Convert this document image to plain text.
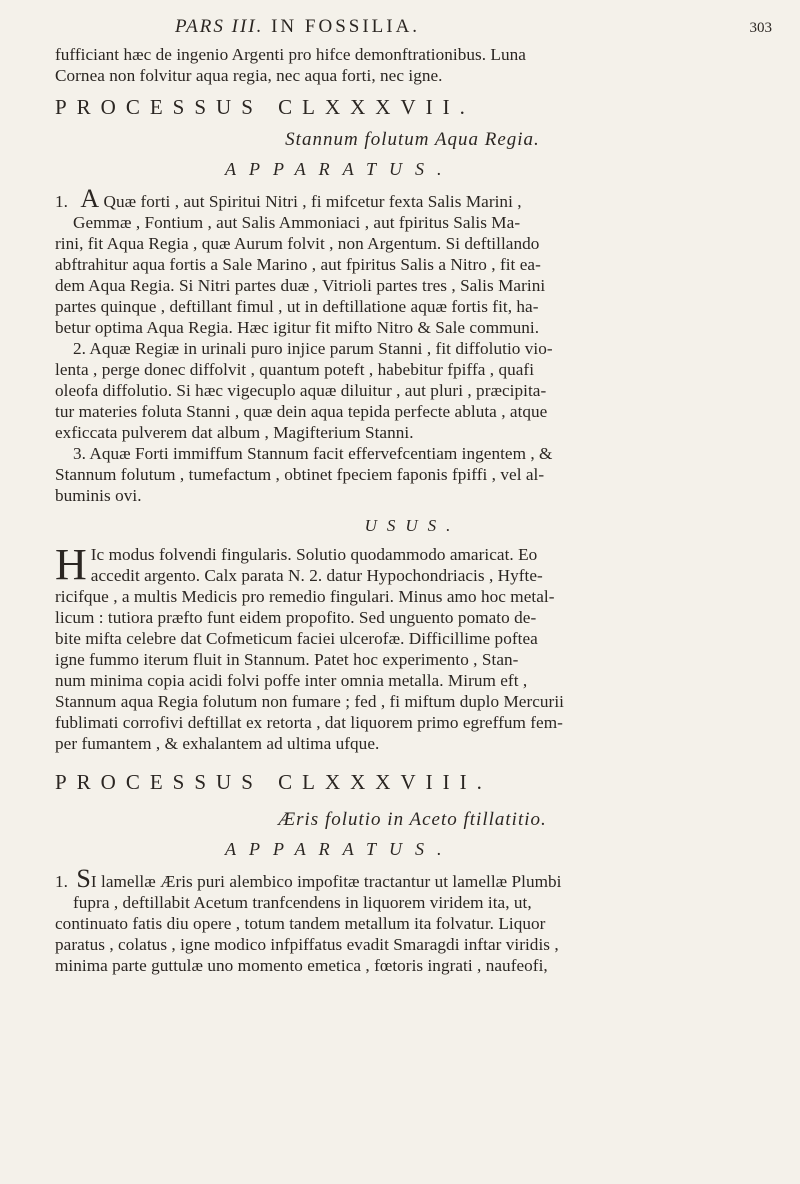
PARS III. IN FOSSILIA.	303

fufficiant hæc de ingenio Argenti pro hifce demonftrationibus. Luna

Cornea non folvitur aqua regia, nec aqua forti, nec igne.

PROCESSUS CLXXXVII.
Stannum folutum Aqua Regia.
APPARATUS.

1. A Quæ forti , aut Spiritui Nitri , fi mifcetur fexta Salis Marini ,

Gemmæ , Fontium , aut Salis Ammoniaci , aut fpiritus Salis Ma-

rini, fit Aqua Regia , quæ Aurum folvit , non Argentum. Si deftillando

abftrahitur aqua fortis a Sale Marino , aut fpiritus Salis a Nitro , fit ea-

dem Aqua Regia. Si Nitri partes duæ , Vitrioli partes tres , Salis Marini

partes quinque , deftillant fimul , ut in deftillatione aquæ fortis fit, ha-

betur optima Aqua Regia. Hæc igitur fit mifto Nitro & Sale communi.

2. Aquæ Regiæ in urinali puro injice parum Stanni , fit diffolutio vio-

lenta , perge donec diffolvit , quantum poteft , habebitur fpiffa , quafi

oleofa diffolutio. Si hæc vigecuplo aquæ diluitur , aut pluri , præcipita-

tur materies foluta Stanni , quæ dein aqua tepida perfecte abluta , atque

exficcata pulverem dat album , Magifterium Stanni.

3. Aquæ Forti immiffum Stannum facit effervefcentiam ingentem , &

Stannum folutum , tumefactum , obtinet fpeciem faponis fpiffi , vel al-

buminis ovi.

USUS.
H Ic modus folvendi fingularis. Solutio quodammodo amaricat. Eo

accedit argento. Calx parata N. 2. datur Hypochondriacis , Hyfte-

ricifque , a multis Medicis pro remedio fingulari. Minus amo hoc metal-

licum : tutiora præfto funt eidem propofito. Sed unguento pomato de-

bite mifta celebre dat Cofmeticum faciei ulcerofæ. Difficillime poftea

igne fummo iterum fluit in Stannum. Patet hoc experimento , Stan-

num minima copia acidi folvi poffe inter omnia metalla. Mirum eft ,

Stannum aqua Regia folutum non fumare ; fed , fi miftum duplo Mercurii

fublimati corrofivi deftillat ex retorta , dat liquorem primo egreffum fem-

per fumantem , & exhalantem ad ultima ufque.

PROCESSUS CLXXXVIII.
Æris folutio in Aceto ftillatitio.
APPARATUS.

1. SI lamellæ Æris puri alembico impofitæ tractantur ut lamellæ Plumbi

fupra , deftillabit Acetum tranfcendens in liquorem viridem ita, ut,

continuato fatis diu opere , totum tandem metallum ita folvatur. Liquor

paratus , colatus , igne modico infpiffatus evadit Smaragdi inftar viridis ,

minima parte guttulæ uno momento emetica , fœtoris ingrati , naufeofi,
